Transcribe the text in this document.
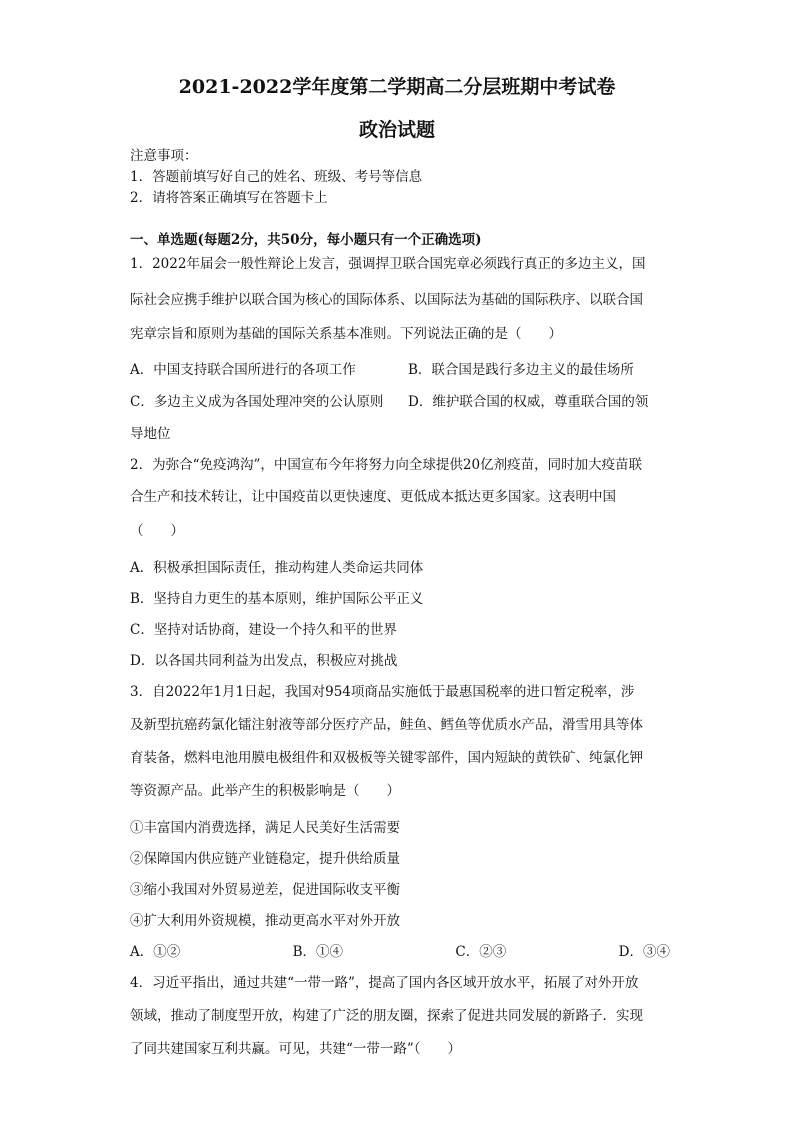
2021-2022学年度第二学期高二分层班期中考试卷
政治试题
注意事项：
1．答题前填写好自己的姓名、班级、考号等信息
2．请将答案正确填写在答题卡上
一、单选题(每题2分，共50分，每小题只有一个正确选项)
1．2022年届会一般性辩论上发言，强调捍卫联合国宪章必须践行真正的多边主义，国
际社会应携手维护以联合国为核心的国际体系、以国际法为基础的国际秩序、以联合国
宪章宗旨和原则为基础的国际关系基本准则。下列说法正确的是（　　）
A．中国支持联合国所进行的各项工作	B．联合国是践行多边主义的最佳场所
C．多边主义成为各国处理冲突的公认原则	D．维护联合国的权威，尊重联合国的领
导地位
2．为弥合“免疫鸿沟”，中国宣布今年将努力向全球提供20亿剂疫苗，同时加大疫苗联
合生产和技术转让，让中国疫苗以更快速度、更低成本抵达更多国家。这表明中国
（　　）
A．积极承担国际责任，推动构建人类命运共同体
B．坚持自力更生的基本原则，维护国际公平正义
C．坚持对话协商，建设一个持久和平的世界
D．以各国共同利益为出发点，积极应对挑战
3．自2022年1月1日起，我国对954项商品实施低于最惠国税率的进口暂定税率，涉
及新型抗癌药氯化镭注射液等部分医疗产品，鲑鱼、鳕鱼等优质水产品，滑雪用具等体
育装备，燃料电池用膜电极组件和双极板等关键零部件，国内短缺的黄铁矿、纯氯化钾
等资源产品。此举产生的积极影响是（　　）
①丰富国内消费选择，满足人民美好生活需要
②保障国内供应链产业链稳定，提升供给质量
③缩小我国对外贸易逆差，促进国际收支平衡
④扩大利用外资规模，推动更高水平对外开放
A．①②	B．①④	C．②③	D．③④
4．习近平指出，通过共建“一带一路”，提高了国内各区域开放水平，拓展了对外开放
领域，推动了制度型开放，构建了广泛的朋友圈，探索了促进共同发展的新路子．实现
了同共建国家互利共赢。可见，共建“一带一路”（　　）
